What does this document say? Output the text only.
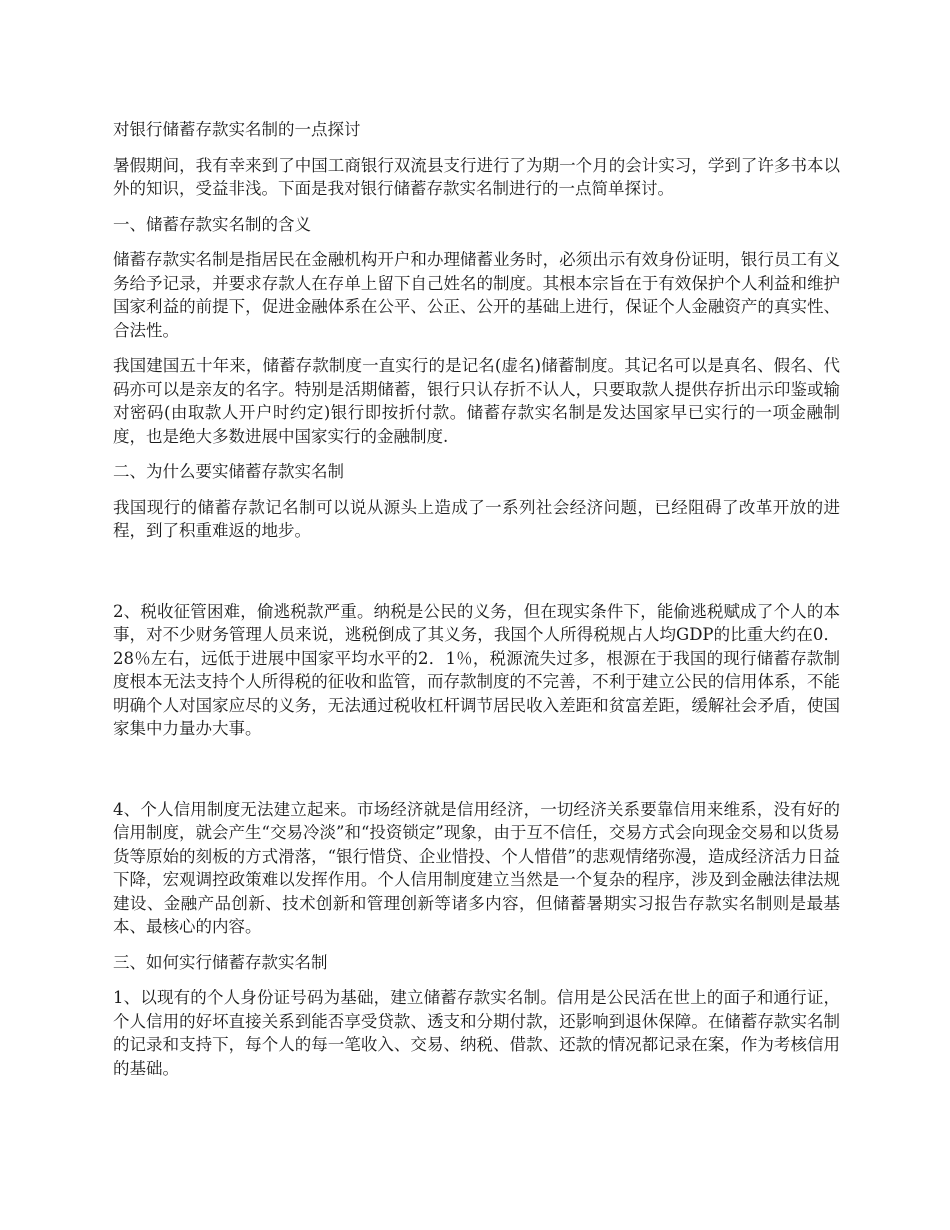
对银行储蓄存款实名制的一点探讨

暑假期间，我有幸来到了中国工商银行双流县支行进行了为期一个月的会计实习，学到了许多书本以外的知识，受益非浅。下面是我对银行储蓄存款实名制进行的一点简单探讨。

一、储蓄存款实名制的含义

储蓄存款实名制是指居民在金融机构开户和办理储蓄业务时，必须出示有效身份证明，银行员工有义务给予记录，并要求存款人在存单上留下自己姓名的制度。其根本宗旨在于有效保护个人利益和维护国家利益的前提下，促进金融体系在公平、公正、公开的基础上进行，保证个人金融资产的真实性、合法性。

我国建国五十年来，储蓄存款制度一直实行的是记名(虚名)储蓄制度。其记名可以是真名、假名、代码亦可以是亲友的名字。特别是活期储蓄，银行只认存折不认人，只要取款人提供存折出示印鉴或输对密码(由取款人开户时约定)银行即按折付款。储蓄存款实名制是发达国家早已实行的一项金融制度，也是绝大多数进展中国家实行的金融制度.

二、为什么要实储蓄存款实名制

我国现行的储蓄存款记名制可以说从源头上造成了一系列社会经济问题，已经阻碍了改革开放的进程，到了积重难返的地步。

2、税收征管困难，偷逃税款严重。纳税是公民的义务，但在现实条件下，能偷逃税赋成了个人的本事，对不少财务管理人员来说，逃税倒成了其义务，我国个人所得税规占人均GDP的比重大约在0．28％左右，远低于进展中国家平均水平的2．1％，税源流失过多，根源在于我国的现行储蓄存款制度根本无法支持个人所得税的征收和监管，而存款制度的不完善，不利于建立公民的信用体系，不能明确个人对国家应尽的义务，无法通过税收杠杆调节居民收入差距和贫富差距，缓解社会矛盾，使国家集中力量办大事。

4、个人信用制度无法建立起来。市场经济就是信用经济，一切经济关系要靠信用来维系，没有好的信用制度，就会产生“交易冷淡”和“投资锁定”现象，由于互不信任，交易方式会向现金交易和以货易货等原始的刻板的方式滑落，“银行惜贷、企业惜投、个人惜借”的悲观情绪弥漫，造成经济活力日益下降，宏观调控政策难以发挥作用。个人信用制度建立当然是一个复杂的程序，涉及到金融法律法规建设、金融产品创新、技术创新和管理创新等诸多内容，但储蓄暑期实习报告存款实名制则是最基本、最核心的内容。

三、如何实行储蓄存款实名制

1、以现有的个人身份证号码为基础，建立储蓄存款实名制。信用是公民活在世上的面子和通行证，个人信用的好坏直接关系到能否享受贷款、透支和分期付款，还影响到退休保障。在储蓄存款实名制的记录和支持下，每个人的每一笔收入、交易、纳税、借款、还款的情况都记录在案，作为考核信用的基础。
